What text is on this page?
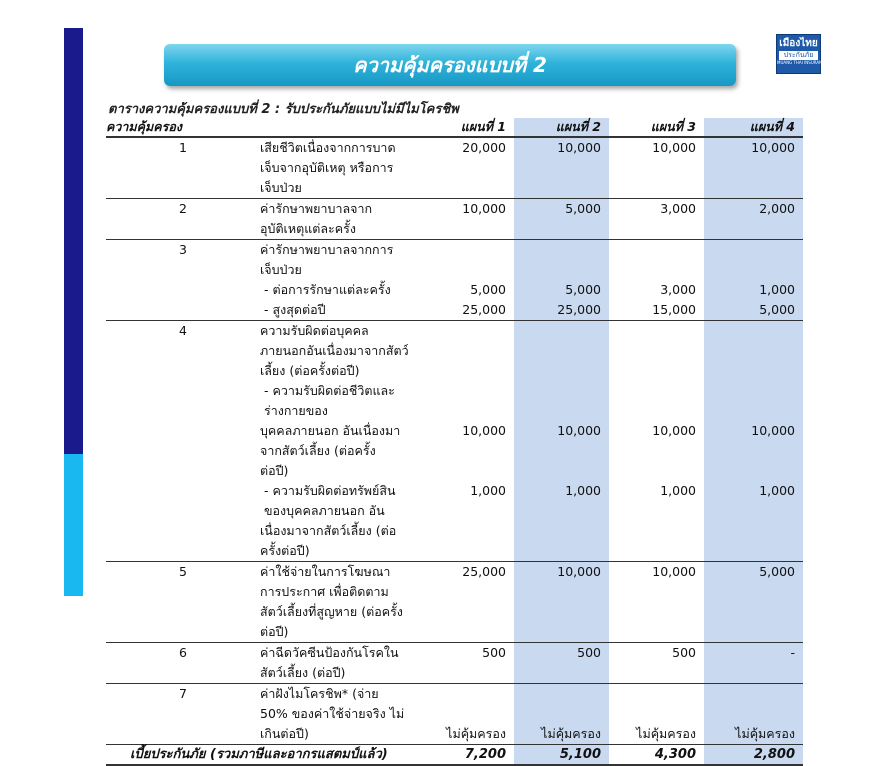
เมืองไทย
ประกันภัย
MUANG THAI INSURANCE
ความคุ้มครองแบบที่ 2
ตารางความคุ้มครองแบบที่ 2 : รับประกันภัยแบบไม่มีไมโครชิพ
ความคุ้มครอง		แผนที่ 1	แผนที่ 2	แผนที่ 3	แผนที่ 4
1	เสียชีวิตเนื่องจากการบาดเจ็บจากอุบัติเหตุ หรือการ	20,000	10,000	10,000	10,000
	เจ็บป่วย				
2	ค่ารักษาพยาบาลจากอุบัติเหตุแต่ละครั้ง	10,000	5,000	3,000	2,000
3	ค่ารักษาพยาบาลจากการเจ็บป่วย				
	- ต่อการรักษาแต่ละครั้ง	5,000	5,000	3,000	1,000
	- สูงสุดต่อปี	25,000	25,000	15,000	5,000
4	ความรับผิดต่อบุคคลภายนอกอันเนื่องมาจากสัตว์				
	เลี้ยง (ต่อครั้งต่อปี)				
	- ความรับผิดต่อชีวิตและร่างกายของ				
	บุคคลภายนอก อันเนื่องมาจากสัตว์เลี้ยง (ต่อครั้ง	10,000	10,000	10,000	10,000
	ต่อปี)				
	- ความรับผิดต่อทรัพย์สินของบุคคลภายนอก อัน	1,000	1,000	1,000	1,000
	เนื่องมาจากสัตว์เลี้ยง (ต่อครั้งต่อปี)				
5	ค่าใช้จ่ายในการโฆษณา การประกาศ เพื่อติดตาม	25,000	10,000	10,000	5,000
	สัตว์เลี้ยงที่สูญหาย (ต่อครั้งต่อปี)				
6	ค่าฉีดวัคซีนป้องกันโรคในสัตว์เลี้ยง (ต่อปี)	500	500	500	-
7	ค่าฝังไมโครชิพ* (จ่าย 50% ของค่าใช้จ่ายจริง ไม่				
	เกินต่อปี)	ไม่คุ้มครอง	ไม่คุ้มครอง	ไม่คุ้มครอง	ไม่คุ้มครอง
เบี้ยประกันภัย (รวมภาษีและอากรแสตมป์แล้ว)		7,200	5,100	4,300	2,800
